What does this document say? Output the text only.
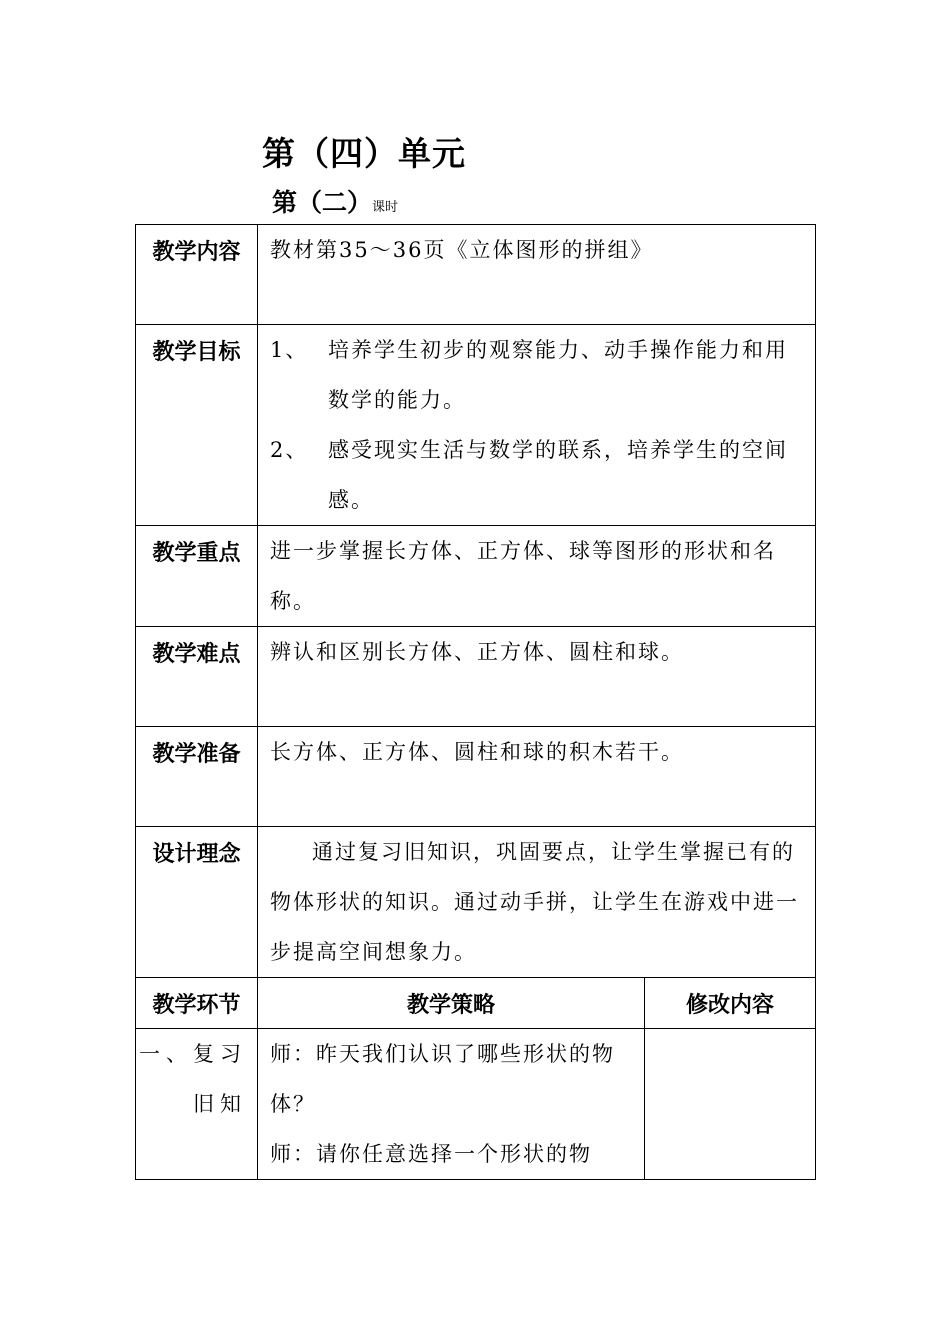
第（四）单元
第（二）课时
教学内容	教材第35～36页《立体图形的拼组》	
教学目标	1、 培养学生初步的观察能力、动手操作能力和用数学的能力。
2、 感受现实生活与数学的联系，培养学生的空间感。	

教学重点	进一步掌握长方体、正方体、球等图形的形状和名称。	
教学难点	辨认和区别长方体、正方体、圆柱和球。	
教学准备	长方体、正方体、圆柱和球的积木若干。	
设计理念	通过复习旧知识，巩固要点，让学生掌握已有的物体形状的知识。通过动手拼，让学生在游戏中进一步提高空间想象力。	
教学环节	教学策略	修改内容
一、复习旧知	师：昨天我们认识了哪些形状的物体？
师：请你任意选择一个形状的物	
